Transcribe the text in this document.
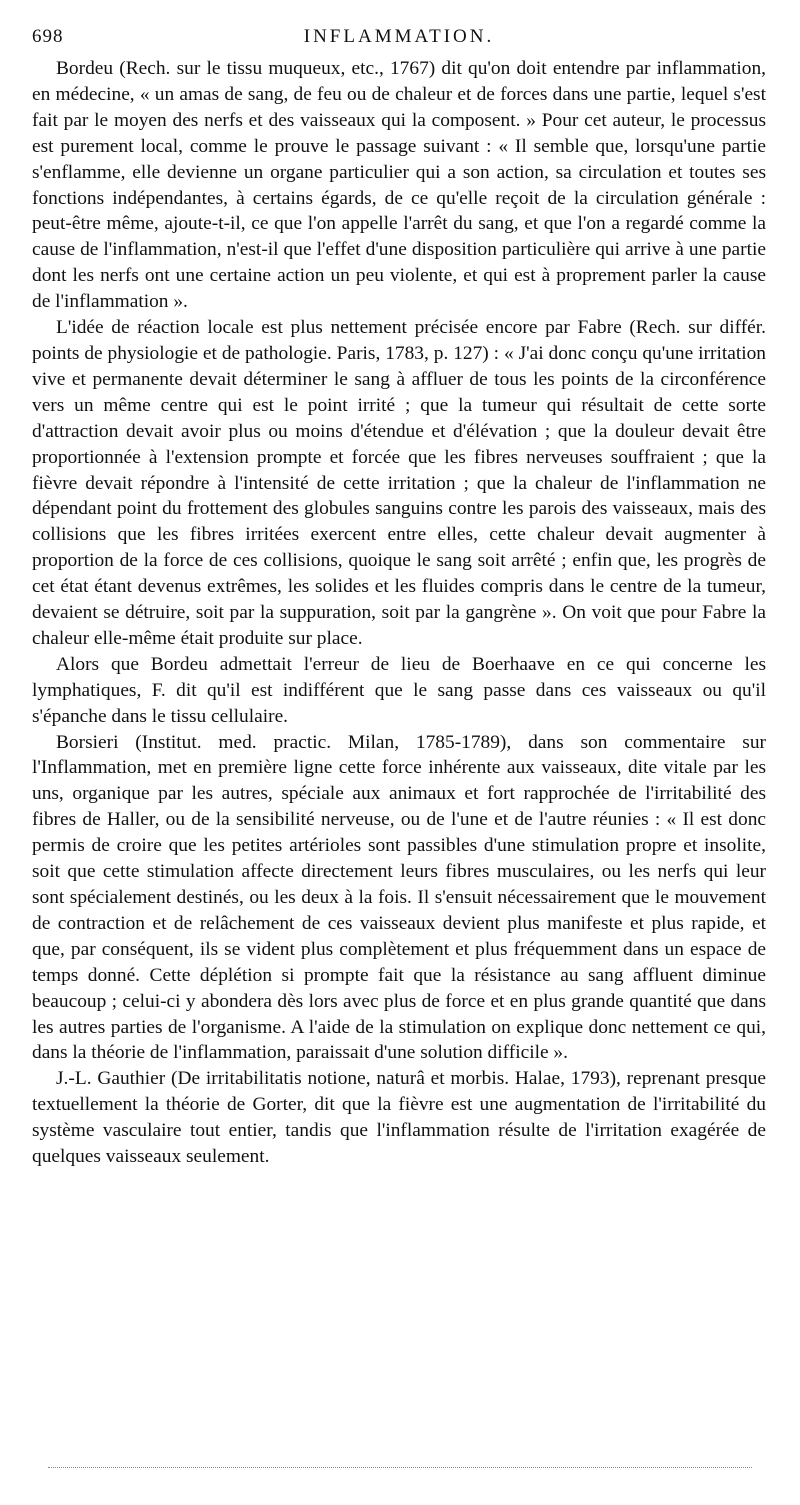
698	INFLAMMATION.

Bordeu (Rech. sur le tissu muqueux, etc., 1767) dit qu'on doit entendre par inflammation, en médecine, « un amas de sang, de feu ou de chaleur et de forces dans une partie, lequel s'est fait par le moyen des nerfs et des vaisseaux qui la composent. » Pour cet auteur, le processus est purement local, comme le prouve le passage suivant : « Il semble que, lorsqu'une partie s'enflamme, elle devienne un organe particulier qui a son action, sa circulation et toutes ses fonctions indépendantes, à certains égards, de ce qu'elle reçoit de la circulation générale : peut-être même, ajoute-t-il, ce que l'on appelle l'arrêt du sang, et que l'on a regardé comme la cause de l'inflammation, n'est-il que l'effet d'une disposition particulière qui arrive à une partie dont les nerfs ont une certaine action un peu violente, et qui est à proprement parler la cause de l'inflammation ».

L'idée de réaction locale est plus nettement précisée encore par Fabre (Rech. sur différ. points de physiologie et de pathologie. Paris, 1783, p. 127) : « J'ai donc conçu qu'une irritation vive et permanente devait déterminer le sang à affluer de tous les points de la circonférence vers un même centre qui est le point irrité ; que la tumeur qui résultait de cette sorte d'attraction devait avoir plus ou moins d'étendue et d'élévation ; que la douleur devait être proportionnée à l'extension prompte et forcée que les fibres nerveuses souffraient ; que la fièvre devait répondre à l'intensité de cette irritation ; que la chaleur de l'inflammation ne dépendant point du frottement des globules sanguins contre les parois des vaisseaux, mais des collisions que les fibres irritées exercent entre elles, cette chaleur devait augmenter à proportion de la force de ces collisions, quoique le sang soit arrêté ; enfin que, les progrès de cet état étant devenus extrêmes, les solides et les fluides compris dans le centre de la tumeur, devaient se détruire, soit par la suppuration, soit par la gangrène ». On voit que pour Fabre la chaleur elle-même était produite sur place.

Alors que Bordeu admettait l'erreur de lieu de Boerhaave en ce qui concerne les lymphatiques, F. dit qu'il est indifférent que le sang passe dans ces vaisseaux ou qu'il s'épanche dans le tissu cellulaire.

Borsieri (Institut. med. practic. Milan, 1785-1789), dans son commentaire sur l'Inflammation, met en première ligne cette force inhérente aux vaisseaux, dite vitale par les uns, organique par les autres, spéciale aux animaux et fort rapprochée de l'irritabilité des fibres de Haller, ou de la sensibilité nerveuse, ou de l'une et de l'autre réunies : « Il est donc permis de croire que les petites artérioles sont passibles d'une stimulation propre et insolite, soit que cette stimulation affecte directement leurs fibres musculaires, ou les nerfs qui leur sont spécialement destinés, ou les deux à la fois. Il s'ensuit nécessairement que le mouvement de contraction et de relâchement de ces vaisseaux devient plus manifeste et plus rapide, et que, par conséquent, ils se vident plus complètement et plus fréquemment dans un espace de temps donné. Cette déplétion si prompte fait que la résistance au sang affluent diminue beaucoup ; celui-ci y abondera dès lors avec plus de force et en plus grande quantité que dans les autres parties de l'organisme. A l'aide de la stimulation on explique donc nettement ce qui, dans la théorie de l'inflammation, paraissait d'une solution difficile ».

J.-L. Gauthier (De irritabilitatis notione, naturâ et morbis. Halae, 1793), reprenant presque textuellement la théorie de Gorter, dit que la fièvre est une augmentation de l'irritabilité du système vasculaire tout entier, tandis que l'inflammation résulte de l'irritation exagérée de quelques vaisseaux seulement.
